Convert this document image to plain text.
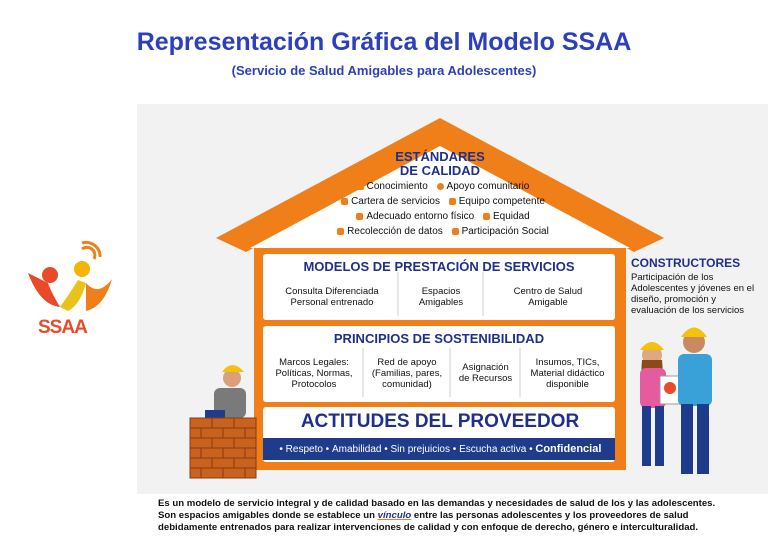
Representación Gráfica del Modelo SSAA
(Servicio de Salud Amigables para Adolescentes)
SSAA
ESTÁNDARES
DE CALIDAD
Conocimiento Apoyo comunitario
Cartera de servicios Equipo competente
Adecuado entorno físico Equidad
Recolección de datos Participación Social
MODELOS DE PRESTACIÓN DE SERVICIOS
Consulta Diferenciada
Personal entrenado
Espacios
Amigables
Centro de Salud
Amigable
PRINCIPIOS DE SOSTENIBILIDAD
Marcos Legales:
Políticas, Normas,
Protocolos
Red de apoyo
(Familias, pares,
comunidad)
Asignación
de Recursos
Insumos, TICs,
Material didáctico
disponible
ACTITUDES DEL PROVEEDOR
• Respeto • Amabilidad • Sin prejuicios • Escucha activa • Confidencial
CONSTRUCTORES
Participación de los Adolescentes y jóvenes en el diseño, promoción y evaluación de los servicios
Es un modelo de servicio integral y de calidad basado en las demandas y necesidades de salud de los y las adolescentes.
Son espacios amigables donde se establece un vínculo entre las personas adolescentes y los proveedores de salud
debidamente entrenados para realizar intervenciones de calidad y con enfoque de derecho, género e interculturalidad.
